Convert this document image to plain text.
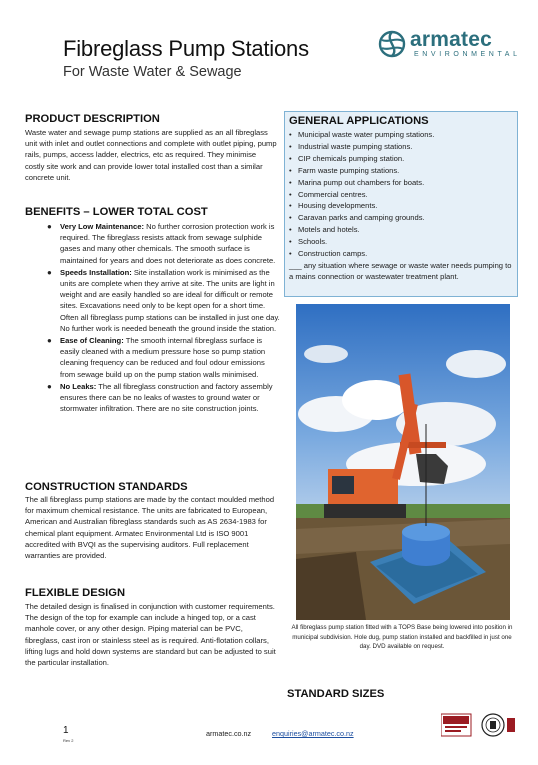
Fibreglass Pump Stations
For Waste Water & Sewage
armatec
ENVIRONMENTAL
PRODUCT DESCRIPTION
Waste water and sewage pump stations are supplied as an all fibreglass unit with inlet and outlet connections and complete with outlet piping, pump rails, pumps, access ladder, electrics, etc as required. They minimise costly site work and can provide lower total installed cost than a similar concrete unit.
BENEFITS – LOWER TOTAL COST
● Very Low Maintenance: No further corrosion protection work is required. The fibreglass resists attack from sewage sulphide gases and many other chemicals. The smooth surface is maintained for years and does not deteriorate as does concrete.
● Speeds Installation: Site installation work is minimised as the units are complete when they arrive at site. The units are light in weight and are easily handled so are ideal for difficult or remote sites. Excavations need only to be kept open for a short time. Often all fibreglass pump stations can be installed in just one day. No further work is needed beneath the ground inside the station.
● Ease of Cleaning: The smooth internal fibreglass surface is easily cleaned with a medium pressure hose so pump station cleaning frequency can be reduced and foul odour emissions from sewage build up on the pump station walls minimised.
● No Leaks: The all fibreglass construction and factory assembly ensures there can be no leaks of wastes to ground water or stormwater infiltration. There are no site construction joints.
CONSTRUCTION STANDARDS
The all fibreglass pump stations are made by the contact moulded method for maximum chemical resistance. The units are fabricated to European, American and Australian fibreglass standards such as AS 2634-1983 for chemical plant equipment. Armatec Environmental Ltd is ISO 9001 accredited with BVQI as the supervising auditors. Full replacement warranties are provided.
FLEXIBLE DESIGN
The detailed design is finalised in conjunction with customer requirements. The design of the top for example can include a hinged top, or a cast manhole cover, or any other design. Piping material can be PVC, fibreglass, cast iron or stainless steel as is required. Anti-flotation collars, lifting lugs and hold down systems are standard but can be adjusted to suit the particular installation.
GENERAL APPLICATIONS
• Municipal waste water pumping stations.
• Industrial waste pumping stations.
• CIP chemicals pumping station.
• Farm waste pumping stations.
• Marina pump out chambers for boats.
• Commercial centres.
• Housing developments.
• Caravan parks and camping grounds.
• Motels and hotels.
• Schools.
• Construction camps.
___ any situation where sewage or waste water needs pumping to a mains connection or wastewater treatment plant.
All fibreglass pump station fitted with a TOPS Base being lowered into position in municipal subdivision. Hole dug, pump station installed and backfilled in just one day. DVD available on request.
STANDARD SIZES
1
Rev 2
armatec.co.nz	enquiries@armatec.co.nz
